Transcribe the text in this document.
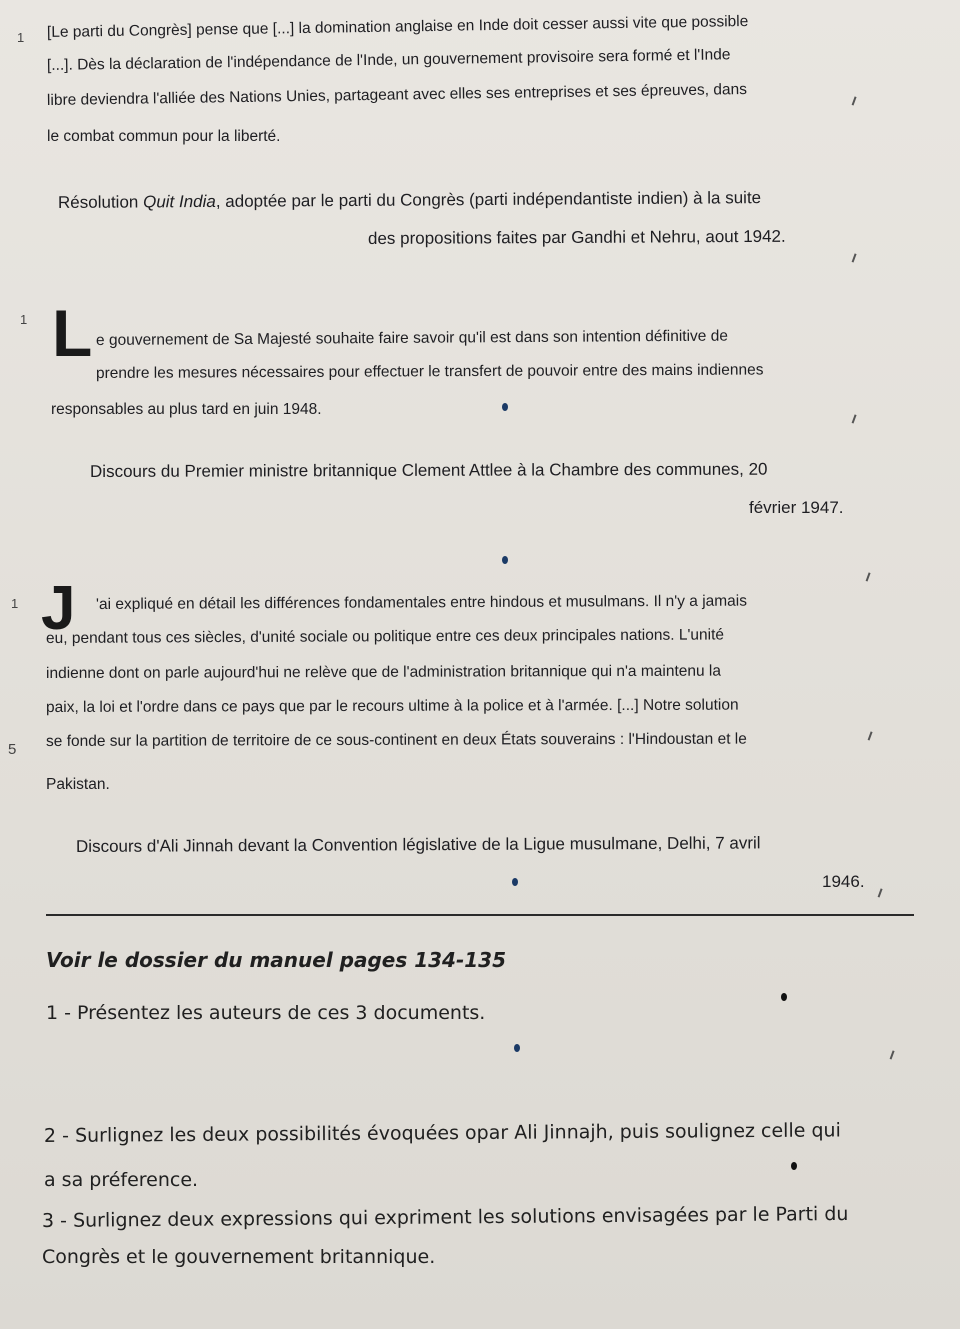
1 [Le parti du Congrès] pense que [...] la domination anglaise en Inde doit cesser aussi vite que possible
[...]. Dès la déclaration de l'indépendance de l'Inde, un gouvernement provisoire sera formé et l'Inde
libre deviendra l'alliée des Nations Unies, partageant avec elles ses entreprises et ses épreuves, dans
le combat commun pour la liberté.
Résolution Quit India, adoptée par le parti du Congrès (parti indépendantiste indien) à la suite
des propositions faites par Gandhi et Nehru, aout 1942.
1 L e gouvernement de Sa Majesté souhaite faire savoir qu'il est dans son intention définitive de
prendre les mesures nécessaires pour effectuer le transfert de pouvoir entre des mains indiennes
responsables au plus tard en juin 1948.
Discours du Premier ministre britannique Clement Attlee à la Chambre des communes, 20
février 1947.
1 J 'ai expliqué en détail les différences fondamentales entre hindous et musulmans. Il n'y a jamais
eu, pendant tous ces siècles, d'unité sociale ou politique entre ces deux principales nations. L'unité
indienne dont on parle aujourd'hui ne relève que de l'administration britannique qui n'a maintenu la
paix, la loi et l'ordre dans ce pays que par le recours ultime à la police et à l'armée. [...] Notre solution
5 se fonde sur la partition de territoire de ce sous-continent en deux États souverains : l'Hindoustan et le
Pakistan.
Discours d'Ali Jinnah devant la Convention législative de la Ligue musulmane, Delhi, 7 avril
1946.
Voir le dossier du manuel pages 134-135
1 - Présentez les auteurs de ces 3 documents.
2 - Surlignez les deux possibilités évoquées opar Ali Jinnajh, puis soulignez celle qui
a sa préference.
3 - Surlignez deux expressions qui expriment les solutions envisagées par le Parti du
Congrès et le gouvernement britannique.
